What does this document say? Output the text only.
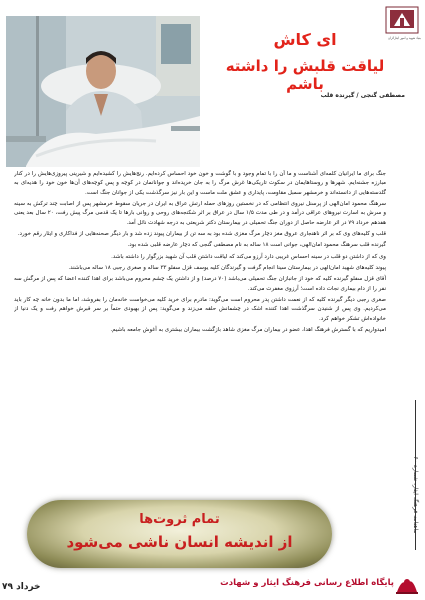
بنیاد شهید و امور ایثارگران
ای کاش
لیاقت قلبش را داشته باشم
مصطفی گنجی / گیرنده قلب

جنگ برای ما ایرانیان کلمه‌ای آشناست و ما آن را با تمام وجود و با گوشت و خون خود احساس کرده‌ایم. رنج‌هایش را کشیده‌ایم و شیرینی پیروزی‌هایش را در کنار مبارزه جشنه‌ایم. شهرها و روستاهایمان در سکوت تاریکی‌ها غرش مرگ را به جان خریده‌اند و جوانانمان در کوچه و پس کوچه‌های آن‌ها خون خود را هدیه‌ای به گلدسته‌هایی از دانسته‌اند و خرمشهر سمبل مقاومت، پایداری و عشق ملت ماست و این بار نیز سرگذشت یکی از جوانان جنگ است.

سرهنگ محمود امان‌الهی از پرسنل نیروی انتظامی که در نخستین روزهای حمله ارتش عراق به ایران در جریان سقوط خرمشهر پس از اصابت چند ترکش به سینه و سرش به اسارت نیروهای عراقی درآمد و در طی مدت ۱/۵ سال در عراق بر اثر شکنجه‌های روحی و روانی بارها تا یک قدمی مرگ پیش رفت، ۲۰ سال بعد یعنی هفدهم خرداد ۷۹ در اثر عارضه حاصل از دوران جنگ تحمیلی در بیمارستان دکتر شریعتی به درجه شهادت نائل آمد.

قلب و کلیه‌های وی که بر اثر ناهنجاری عروق مغز دچار مرگ مغزی شده بود به سه تن از بیماران پیوند زده شد و بار دیگر صحنه‌هایی از فداکاری و ایثار رقم خورد.

گیرنده قلب سرهنگ محمود امان‌الهی، جوانی است ۱۸ ساله به نام مصطفی گنجی که دچار عارضه قلبی شده بود.

وی که از داشتن دو قلب در سینه احساس غریبی دارد آرزو می‌کند که لیاقت داشتن قلب آن شهید بزرگوار را داشته باشد.

پیوند کلیه‌های شهید امان‌الهی در بیمارستان سینا انجام گرفت و گیرندگان کلیه یوسف قزل سفلو ۳۳ ساله و صغری رجبی ۱۸ ساله می‌باشند.

آقای قزل سفلو گیرنده کلیه که خود از جانبازان جنگ تحمیلی می‌باشد (۷۰ درصد) و از داشتن یک چشم محروم می‌باشد برای اهدا کننده اعضا که پس از مرگش سه نفر را از دام بیماری نجات داده است؛ آرزوی مغفرت می‌کند.

صغری رجبی دیگر گیرنده کلیه که از نعمت داشتن پدر محروم است می‌گوید: مادرم برای خرید کلیه می‌خواست خانه‌مان را بفروشد، اما ما بدون خانه چه کار باید می‌کردیم. وی پس از شنیدن سرگذشت اهدا کننده اشک در چشمانش حلقه می‌زند و می‌گوید: پس از بهبودی حتماً بر سر قبرش خواهم رفت و یک دنیا از خانواده‌اش تشکر خواهم کرد.

امیدواریم که با گسترش فرهنگ اهدا، عضو در بیماران مرگ مغزی شاهد بازگشت بیماران بیشتری به آغوش جامعه باشیم.

ماهنامه فرهنگ ایثار، شماره ۶۰
تمام ثروت‌ها
از اندیشه انسان ناشی می‌شود
پایگاه اطلاع رسانی فرهنگ ایثار و شهادت
خرداد ۷۹
